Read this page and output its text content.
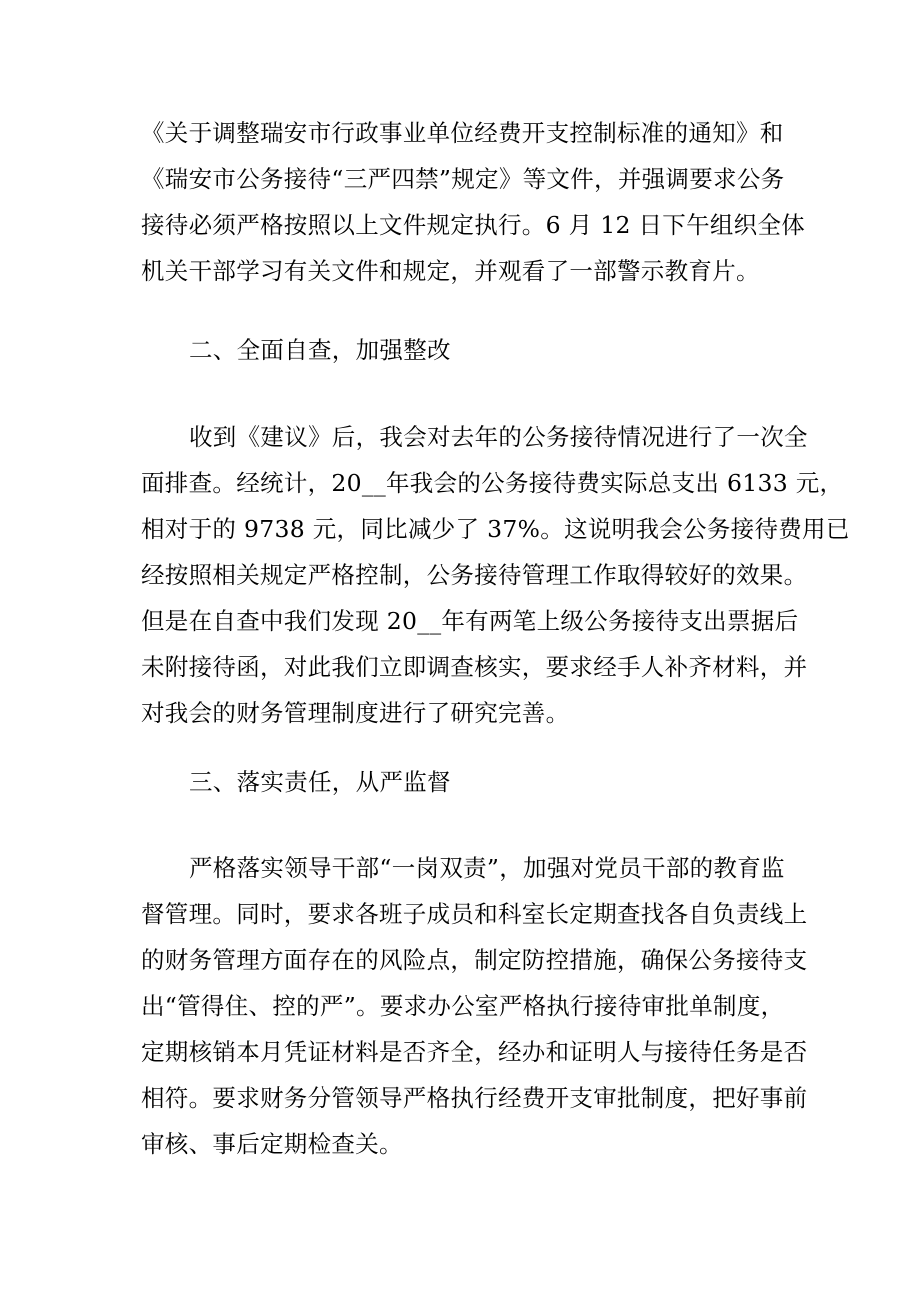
《关于调整瑞安市行政事业单位经费开支控制标准的通知》和

《瑞安市公务接待“三严四禁”规定》等文件，并强调要求公务

接待必须严格按照以上文件规定执行。6 月 12 日下午组织全体

机关干部学习有关文件和规定，并观看了一部警示教育片。

二、全面自查，加强整改

收到《建议》后，我会对去年的公务接待情况进行了一次全

面排查。经统计，20__年我会的公务接待费实际总支出 6133 元，

相对于的 9738 元，同比减少了 37%。这说明我会公务接待费用已

经按照相关规定严格控制，公务接待管理工作取得较好的效果。

但是在自查中我们发现 20__年有两笔上级公务接待支出票据后

未附接待函，对此我们立即调查核实，要求经手人补齐材料，并

对我会的财务管理制度进行了研究完善。

三、落实责任，从严监督

严格落实领导干部“一岗双责”，加强对党员干部的教育监

督管理。同时，要求各班子成员和科室长定期查找各自负责线上

的财务管理方面存在的风险点，制定防控措施，确保公务接待支

出“管得住、控的严”。要求办公室严格执行接待审批单制度，

定期核销本月凭证材料是否齐全，经办和证明人与接待任务是否

相符。要求财务分管领导严格执行经费开支审批制度，把好事前

审核、事后定期检查关。
